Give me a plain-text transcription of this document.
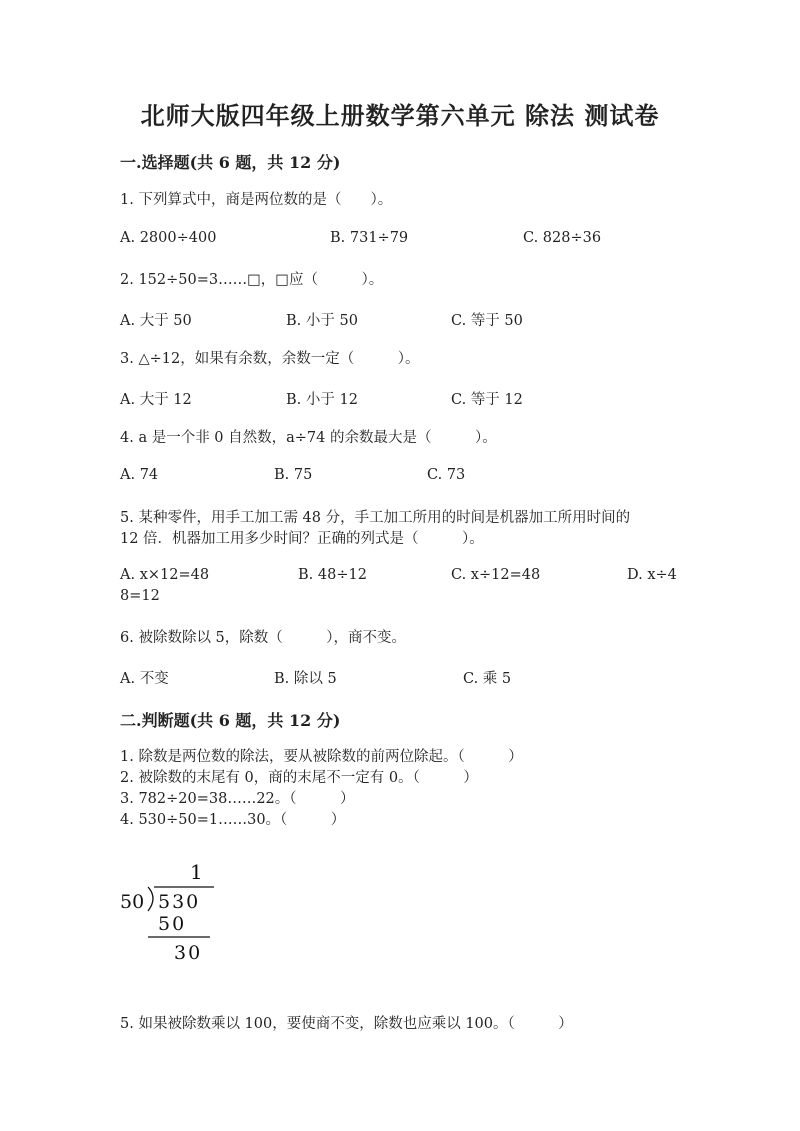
北师大版四年级上册数学第六单元 除法 测试卷
一.选择题(共 6 题，共 12 分)
1. 下列算式中，商是两位数的是（　　）。
A. 2800÷400	B. 731÷79	C. 828÷36
2. 152÷50=3……□，□应（　　　）。
A. 大于 50	B. 小于 50	C. 等于 50
3. △÷12，如果有余数，余数一定（　　　）。
A. 大于 12	B. 小于 12	C. 等于 12
4. a 是一个非 0 自然数，a÷74 的余数最大是（　　　）。
A. 74	B. 75	C. 73
5. 某种零件，用手工加工需 48 分，手工加工所用的时间是机器加工所用时间的
12 倍．机器加工用多少时间？正确的列式是（　　　）。
A. x×12=48	B. 48÷12	C. x÷12=48	D. x÷4
8=12
6. 被除数除以 5，除数（　　　），商不变。
A. 不变	B. 除以 5	C. 乘 5
二.判断题(共 6 题，共 12 分)
1. 除数是两位数的除法，要从被除数的前两位除起。（　　　）
2. 被除数的末尾有 0，商的末尾不一定有 0。（　　　）
3. 782÷20=38……22。（　　　）
4. 530÷50=1……30。（　　　）
1
50 530
50
30
5. 如果被除数乘以 100，要使商不变，除数也应乘以 100。（　　　）
